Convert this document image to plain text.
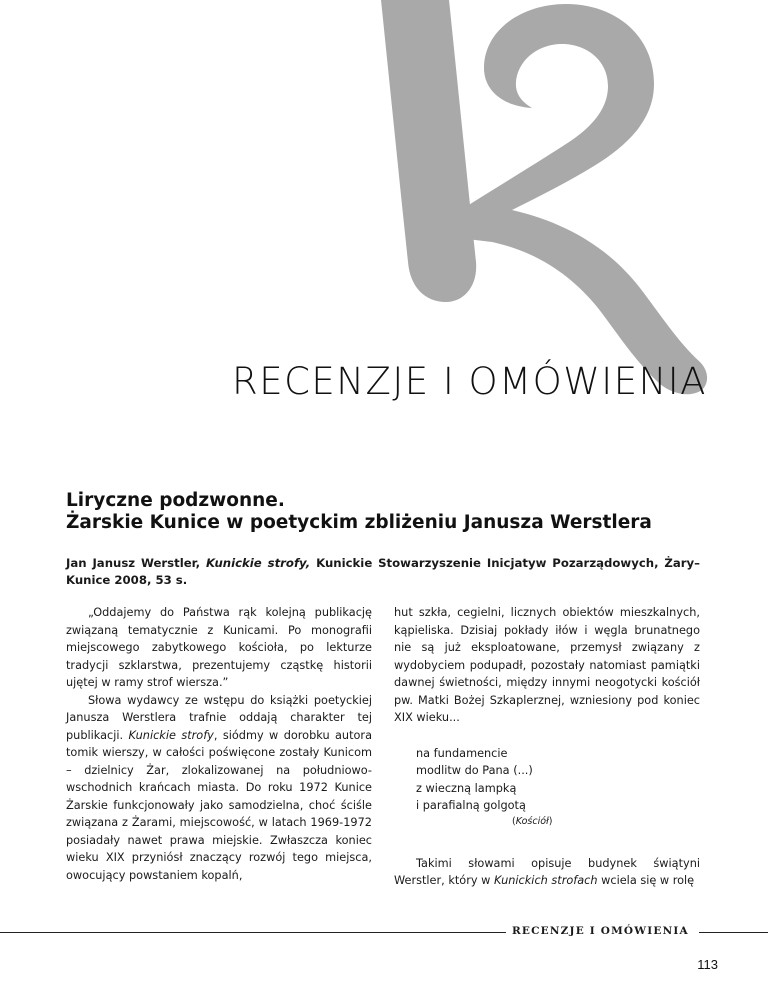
RECENZJE I OMÓWIENIA
Liryczne podzwonne.
Żarskie Kunice w poetyckim zbliżeniu Janusza Werstlera
Jan Janusz Werstler, Kunickie strofy, Kunickie Stowarzyszenie Inicjatyw Pozarządowych, Żary–Kunice 2008, 53 s.

„Oddajemy do Państwa rąk kolejną publikację związaną tematycznie z Kunicami. Po monografii miejscowego zabytkowego kościoła, po lekturze tradycji szklarstwa, prezentujemy cząstkę historii ujętej w ramy strof wiersza.”

Słowa wydawcy ze wstępu do książki poetyckiej Janusza Werstlera trafnie oddają charakter tej publikacji. Kunickie strofy, siódmy w dorobku autora tomik wierszy, w całości poświęcone zostały Kunicom – dzielnicy Żar, zlokalizowanej na południowo-wschodnich krańcach miasta. Do roku 1972 Kunice Żarskie funkcjonowały jako samodzielna, choć ściśle związana z Żarami, miejscowość, w latach 1969-1972 posiadały nawet prawa miejskie. Zwłaszcza koniec wieku XIX przyniósł znaczący rozwój tego miejsca, owocujący powstaniem kopalń,

hut szkła, cegielni, licznych obiektów mieszkalnych, kąpieliska. Dzisiaj pokłady iłów i węgla brunatnego nie są już eksploatowane, przemysł związany z wydobyciem podupadł, pozostały natomiast pamiątki dawnej świetności, między innymi neogotycki kościół pw. Matki Bożej Szkaplerznej, wzniesiony pod koniec XIX wieku...

na fundamencie
modlitw do Pana (...)
z wieczną lampką
i parafialną golgotą
(Kościół)

Takimi słowami opisuje budynek świątyni Werstler, który w Kunickich strofach wciela się w rolę

RECENZJE I OMÓWIENIA
113
